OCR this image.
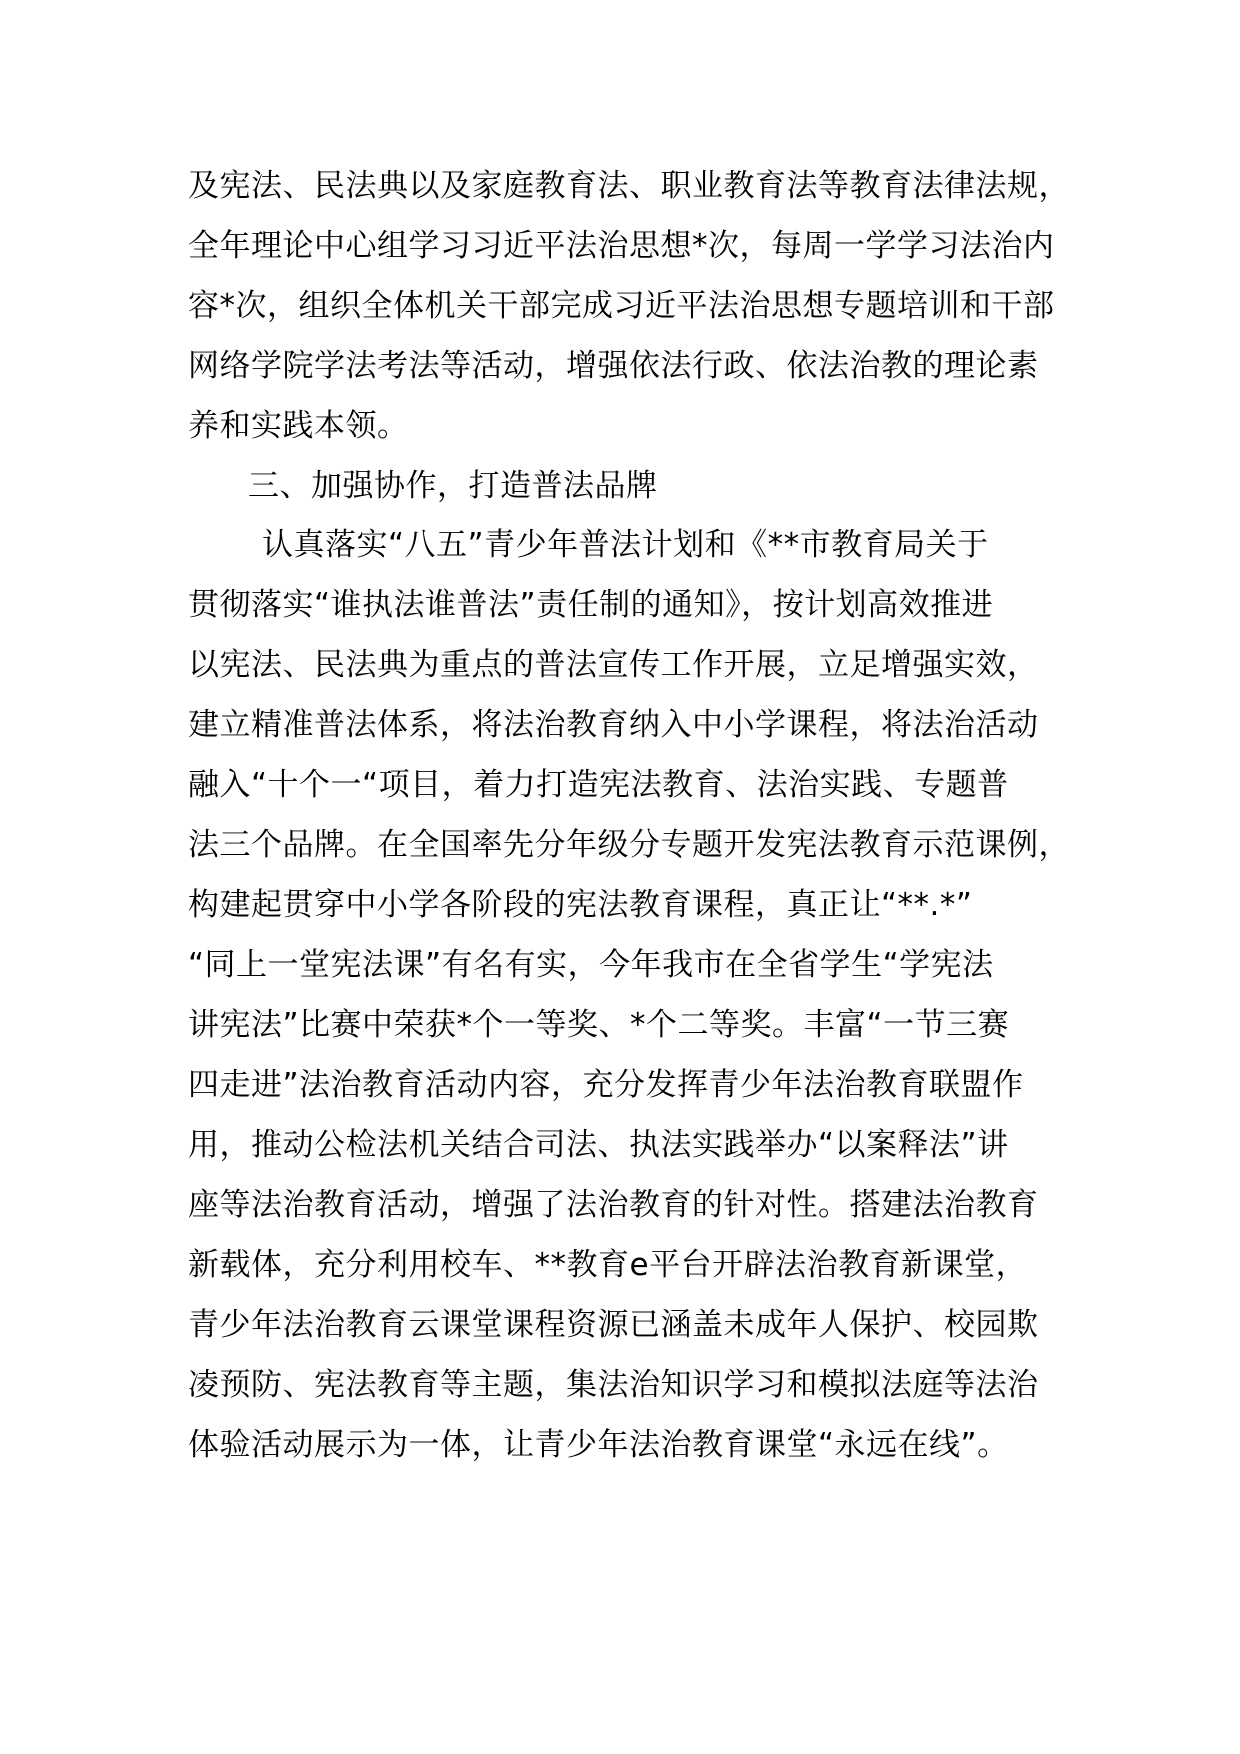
及宪法、民法典以及家庭教育法、职业教育法等教育法律法规，
全年理论中心组学习习近平法治思想*次，每周一学学习法治内
容*次，组织全体机关干部完成习近平法治思想专题培训和干部
网络学院学法考法等活动，增强依法行政、依法治教的理论素
养和实践本领。
三、加强协作，打造普法品牌
认真落实“八五”青少年普法计划和《**市教育局关于
贯彻落实“谁执法谁普法”责任制的通知》，按计划高效推进
以宪法、民法典为重点的普法宣传工作开展，立足增强实效，
建立精准普法体系，将法治教育纳入中小学课程，将法治活动
融入“十个一“项目，着力打造宪法教育、法治实践、专题普
法三个品牌。在全国率先分年级分专题开发宪法教育示范课例，
构建起贯穿中小学各阶段的宪法教育课程，真正让“**.*”
“同上一堂宪法课”有名有实，今年我市在全省学生“学宪法
讲宪法”比赛中荣获*个一等奖、*个二等奖。丰富“一节三赛
四走进”法治教育活动内容，充分发挥青少年法治教育联盟作
用，推动公检法机关结合司法、执法实践举办“以案释法”讲
座等法治教育活动，增强了法治教育的针对性。搭建法治教育
新载体，充分利用校车、**教育e平台开辟法治教育新课堂，
青少年法治教育云课堂课程资源已涵盖未成年人保护、校园欺
凌预防、宪法教育等主题，集法治知识学习和模拟法庭等法治
体验活动展示为一体，让青少年法治教育课堂“永远在线”。
